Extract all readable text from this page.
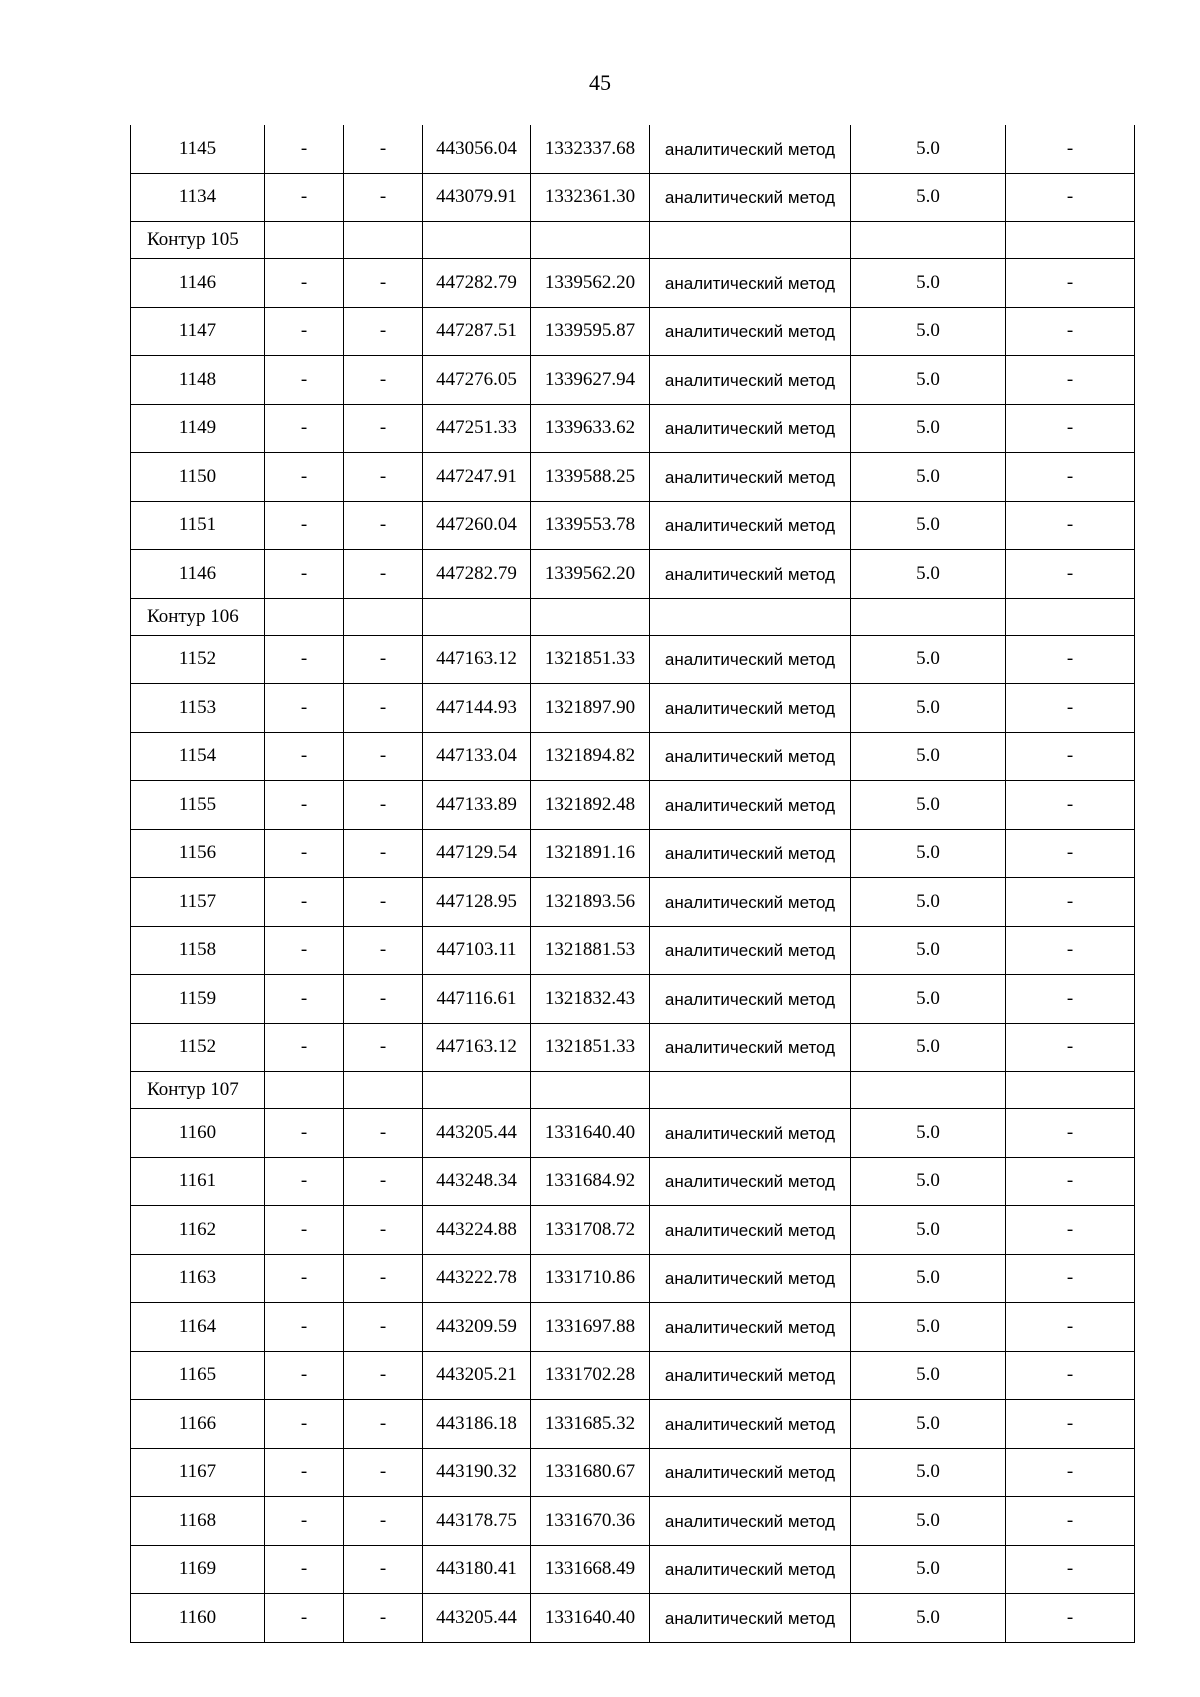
45
1145	-	-	443056.04	1332337.68	аналитический метод	5.0	-
1134	-	-	443079.91	1332361.30	аналитический метод	5.0	-
Контур 105							
1146	-	-	447282.79	1339562.20	аналитический метод	5.0	-
1147	-	-	447287.51	1339595.87	аналитический метод	5.0	-
1148	-	-	447276.05	1339627.94	аналитический метод	5.0	-
1149	-	-	447251.33	1339633.62	аналитический метод	5.0	-
1150	-	-	447247.91	1339588.25	аналитический метод	5.0	-
1151	-	-	447260.04	1339553.78	аналитический метод	5.0	-
1146	-	-	447282.79	1339562.20	аналитический метод	5.0	-
Контур 106							
1152	-	-	447163.12	1321851.33	аналитический метод	5.0	-
1153	-	-	447144.93	1321897.90	аналитический метод	5.0	-
1154	-	-	447133.04	1321894.82	аналитический метод	5.0	-
1155	-	-	447133.89	1321892.48	аналитический метод	5.0	-
1156	-	-	447129.54	1321891.16	аналитический метод	5.0	-
1157	-	-	447128.95	1321893.56	аналитический метод	5.0	-
1158	-	-	447103.11	1321881.53	аналитический метод	5.0	-
1159	-	-	447116.61	1321832.43	аналитический метод	5.0	-
1152	-	-	447163.12	1321851.33	аналитический метод	5.0	-
Контур 107							
1160	-	-	443205.44	1331640.40	аналитический метод	5.0	-
1161	-	-	443248.34	1331684.92	аналитический метод	5.0	-
1162	-	-	443224.88	1331708.72	аналитический метод	5.0	-
1163	-	-	443222.78	1331710.86	аналитический метод	5.0	-
1164	-	-	443209.59	1331697.88	аналитический метод	5.0	-
1165	-	-	443205.21	1331702.28	аналитический метод	5.0	-
1166	-	-	443186.18	1331685.32	аналитический метод	5.0	-
1167	-	-	443190.32	1331680.67	аналитический метод	5.0	-
1168	-	-	443178.75	1331670.36	аналитический метод	5.0	-
1169	-	-	443180.41	1331668.49	аналитический метод	5.0	-
1160	-	-	443205.44	1331640.40	аналитический метод	5.0	-
